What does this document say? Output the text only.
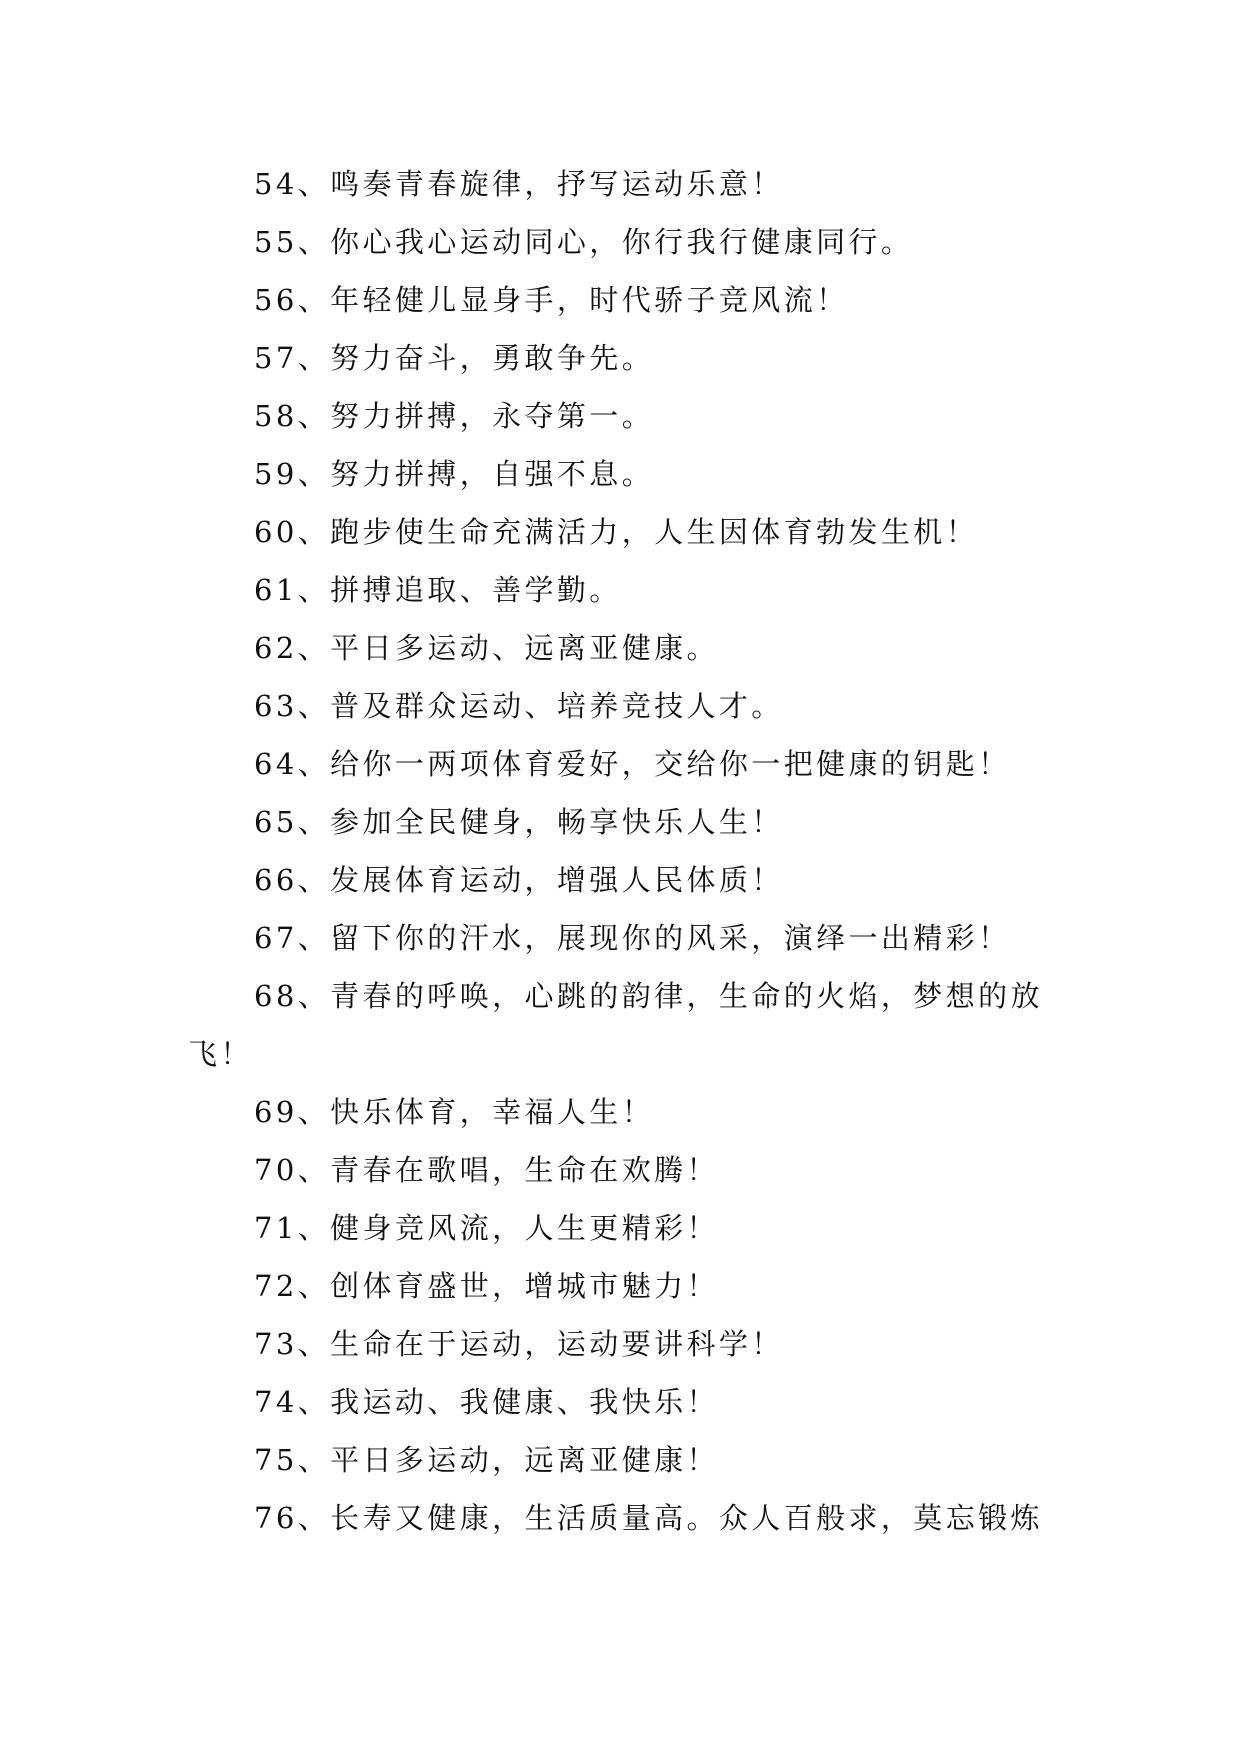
54、鸣奏青春旋律，抒写运动乐意！
55、你心我心运动同心，你行我行健康同行。
56、年轻健儿显身手，时代骄子竞风流！
57、努力奋斗，勇敢争先。
58、努力拼搏，永夺第一。
59、努力拼搏，自强不息。
60、跑步使生命充满活力，人生因体育勃发生机！
61、拼搏追取、善学勤。
62、平日多运动、远离亚健康。
63、普及群众运动、培养竞技人才。
64、给你一两项体育爱好，交给你一把健康的钥匙！
65、参加全民健身，畅享快乐人生！
66、发展体育运动，增强人民体质！
67、留下你的汗水，展现你的风采，演绎一出精彩！
68、青春的呼唤，心跳的韵律，生命的火焰，梦想的放
飞！
69、快乐体育，幸福人生！
70、青春在歌唱，生命在欢腾！
71、健身竞风流，人生更精彩！
72、创体育盛世，增城市魅力！
73、生命在于运动，运动要讲科学！
74、我运动、我健康、我快乐！
75、平日多运动，远离亚健康！
76、长寿又健康，生活质量高。众人百般求，莫忘锻炼
